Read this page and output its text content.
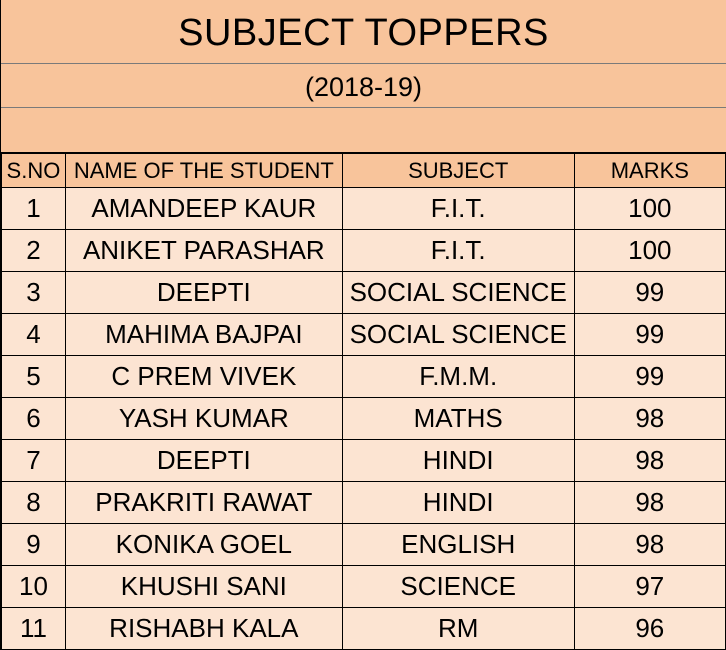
SUBJECT TOPPERS
(2018-19)
S.NO	NAME OF THE STUDENT	SUBJECT	MARKS
1	AMANDEEP KAUR	F.I.T.	100
2	ANIKET PARASHAR	F.I.T.	100
3	DEEPTI	SOCIAL SCIENCE	99
4	MAHIMA BAJPAI	SOCIAL SCIENCE	99
5	C PREM VIVEK	F.M.M.	99
6	YASH KUMAR	MATHS	98
7	DEEPTI	HINDI	98
8	PRAKRITI RAWAT	HINDI	98
9	KONIKA GOEL	ENGLISH	98
10	KHUSHI SANI	SCIENCE	97
11	RISHABH KALA	RM	96
